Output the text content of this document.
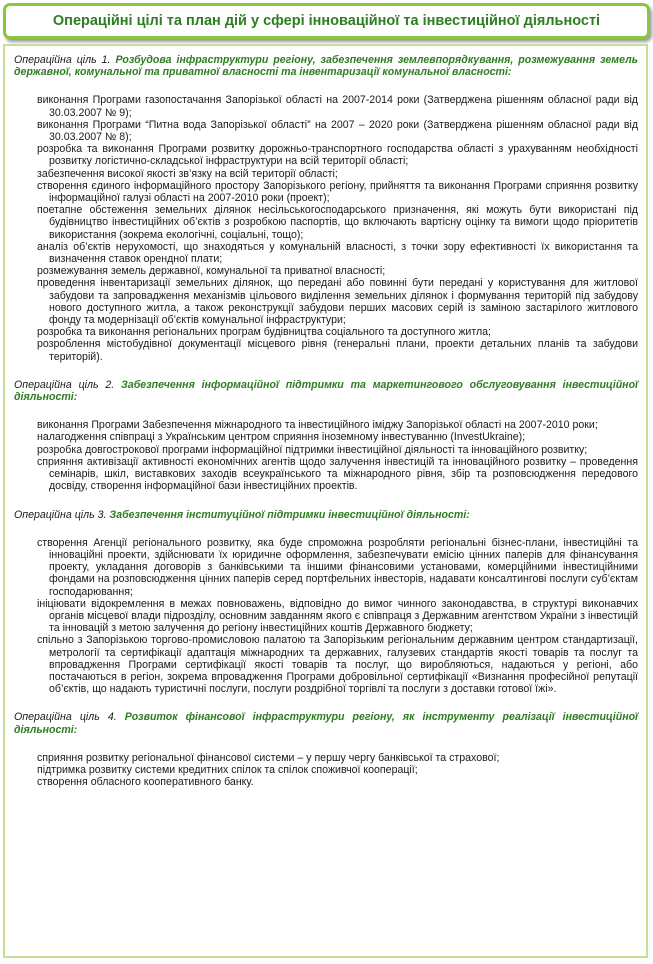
Операційні цілі та план дій у сфері інноваційної та інвестиційної діяльності

Операційна ціль 1. Розбудова інфраструктури регіону, забезпечення землевпорядкування, розмежування земель державної, комунальної та приватної власності та інвентаризації комунальної власності:

виконання Програми газопостачання Запорізької області на 2007-2014 роки (Затверджена рішенням обласної ради від 30.03.2007 № 9);
виконання Програми “Питна вода Запорізької області” на 2007 – 2020 роки (Затверджена рішенням обласної ради від 30.03.2007 № 8);
розробка та виконання Програми розвитку дорожньо-транспортного господарства області з урахуванням необхідності розвитку логістично-складської інфраструктури на всій території області;
забезпечення високої якості зв’язку на всій території області;
створення єдиного інформаційного простору Запорізького регіону, прийняття та виконання Програми сприяння розвитку інформаційної галузі області на 2007-2010 роки (проект);
поетапне обстеження земельних ділянок несільськогосподарського призначення, які можуть бути використані під будівництво інвестиційних об’єктів з розробкою паспортів, що включають вартісну оцінку та вимоги щодо пріоритетів використання (зокрема екологічні, соціальні, тощо);
аналіз об’єктів нерухомості, що знаходяться у комунальній власності, з точки зору ефективності їх використання та визначення ставок орендної плати;
розмежування земель державної, комунальної та приватної власності;
проведення інвентаризації земельних ділянок, що передані або повинні бути передані у користування для житлової забудови та запровадження механізмів цільового виділення земельних ділянок і формування територій під забудову нового доступного житла, а також реконструкції забудови перших масових серій із заміною застарілого житлового фонду та модернізації об’єктів комунальної інфраструктури;
розробка та виконання регіональних програм будівництва соціального та доступного житла;
розроблення містобудівної документації місцевого рівня (генеральні плани, проекти детальних планів та забудови територій).

Операційна ціль 2. Забезпечення інформаційної підтримки та маркетингового обслуговування інвестиційної діяльності:

виконання Програми Забезпечення міжнародного та інвестиційного іміджу Запорізької області на 2007-2010 роки;
налагодження співпраці з Українським центром сприяння іноземному інвестуванню (InvestUkraine);
розробка довгострокової програми інформаційної підтримки інвестиційної діяльності та інноваційного розвитку;
сприяння активізації активності економічних агентів щодо залучення інвестицій та інноваційного розвитку – проведення семінарів, шкіл, виставкових заходів всеукраїнського та міжнародного рівня, збір та розповсюдження передового досвіду, створення інформаційної бази інвестиційних проектів.

Операційна ціль 3. Забезпечення інституційної підтримки інвестиційної діяльності:

створення Агенції регіонального розвитку, яка буде спроможна розробляти регіональні бізнес-плани, інвестиційні та інноваційні проекти, здійснювати їх юридичне оформлення, забезпечувати емісію цінних паперів для фінансування проекту, укладання договорів з банківськими та іншими фінансовими установами, комерційними інвестиційними фондами на розповсюдження цінних паперів серед портфельних інвесторів, надавати консалтингові послуги суб’єктам господарювання;
ініціювати відокремлення в межах повноважень, відповідно до вимог чинного законодавства, в структурі виконавчих органів місцевої влади підрозділу, основним завданням якого є співпраця з Державним агентством України з інвестицій та інновацій з метою залучення до регіону інвестиційних коштів Державного бюджету;
спільно з Запорізькою торгово-промисловою палатою та Запорізьким регіональним державним центром стандартизації, метрології та сертифікації адаптація міжнародних та державних, галузевих стандартів якості товарів та послуг та впровадження Програми сертифікації якості товарів та послуг, що виробляються, надаються у регіоні, або постачаються в регіон, зокрема впровадження Програми добровільної сертифікації «Визнання професійної репутації об’єктів, що надають туристичні послуги, послуги роздрібної торгівлі та послуги з доставки готової їжі».

Операційна ціль 4. Розвиток фінансової інфраструктури регіону, як інструменту реалізації інвестиційної діяльності:

сприяння розвитку регіональної фінансової системи – у першу чергу банківської та страхової;
підтримка розвитку системи кредитних спілок та спілок споживчої кооперації;
створення обласного кооперативного банку.
